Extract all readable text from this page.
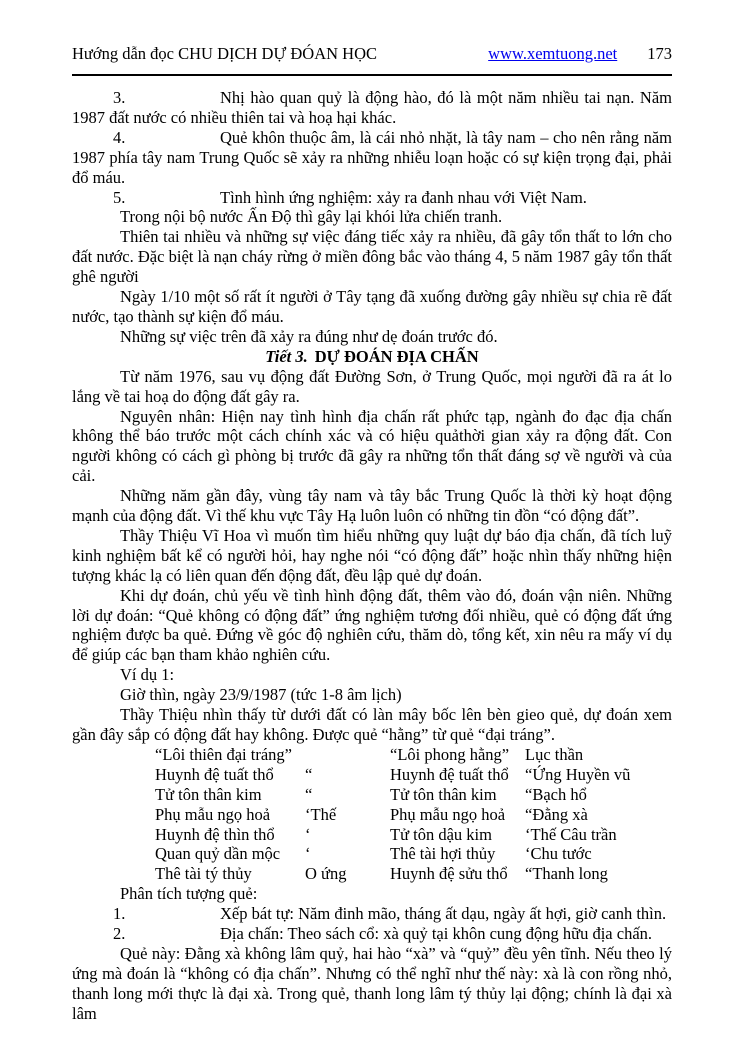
Hướng dẫn đọc CHU DỊCH DỰ ĐÓAN HỌC	www.xemtuong.net 173

3.	Nhị hào quan quỷ là động hào, đó là một năm nhiều tai nạn. Năm 1987 đất nước có nhiều thiên tai và hoạ hại khác.

4.	Quẻ khôn thuộc âm, là cái nhỏ nhặt, là tây nam – cho nên rằng năm 1987 phía tây nam Trung Quốc sẽ xảy ra những nhiễu loạn hoặc có sự kiện trọng đại, phải đổ máu.

5.	Tình hình ứng nghiệm: xảy ra đanh nhau với Việt Nam.

Trong nội bộ nước Ấn Độ thì gây lại khói lửa chiến tranh.

Thiên tai nhiều và những sự việc đáng tiếc xảy ra nhiều, đã gây tổn thất to lớn cho đất nước. Đặc biệt là nạn cháy rừng ở miền đông bắc vào tháng 4, 5 năm 1987 gây tổn thất ghê người

Ngày 1/10 một số rất ít người ở Tây tạng đã xuống đường gây nhiều sự chia rẽ đất nước, tạo thành sự kiện đổ máu.

Những sự việc trên đã xảy ra đúng như dẹ đoán trước đó.

Tiết 3. DỰ ĐOÁN ĐỊA CHẤN

Từ năm 1976, sau vụ động đất Đường Sơn, ở Trung Quốc, mọi người đã ra át lo lắng về tai hoạ do động đất gây ra.

Nguyên nhân: Hiện nay tình hình địa chấn rất phức tạp, ngành đo đạc địa chấn không thể báo trước một cách chính xác và có hiệu quảthời gian xảy ra động đất. Con người không có cách gì phòng bị trước đã gây ra những tổn thất đáng sợ về người và của cải.

Những năm gần đây, vùng tây nam và tây bắc Trung Quốc là thời kỳ hoạt động mạnh của động đất. Vì thế khu vực Tây Hạ luôn luôn có những tin đồn “có động đất”.

Thầy Thiệu Vĩ Hoa vì muốn tìm hiểu những quy luật dự báo địa chấn, đã tích luỹ kinh nghiệm bất kể có người hỏi, hay nghe nói “có động đất” hoặc nhìn thấy những hiện tượng khác lạ có liên quan đến động đất, đều lập quẻ dự đoán.

Khi dự đoán, chủ yếu về tình hình động đất, thêm vào đó, đoán vận niên. Những lời dự đoán: “Quẻ không có động đất” ứng nghiệm tương đối nhiều, quẻ có động đất ứng nghiệm được ba quẻ. Đứng về góc độ nghiên cứu, thăm dò, tổng kết, xin nêu ra mấy ví dụ để giúp các bạn tham khảo nghiên cứu.

Ví dụ 1:

Giờ thìn, ngày 23/9/1987 (tức 1-8 âm lịch)

Thầy Thiệu nhìn thấy từ dưới đất có làn mây bốc lên bèn gieo quẻ, dự đoán xem gần đây sắp có động đất hay không. Được quẻ “hằng” từ quẻ “đại tráng”.

“Lôi thiên đại tráng”	“Lôi phong hằng” Lục thần
Huynh đệ tuất thổ	“	Huynh đệ tuất thổ “Ứng Huyền vũ
Tử tôn thân kim	“	Tử tôn thân kim	“Bạch hổ
Phụ mẫu ngọ hoả	‘Thế	Phụ mẫu ngọ hoả	“Đằng xà
Huynh đệ thìn thổ	‘	Tử tôn dậu kim	‘Thế Câu trần
Quan quỷ dần mộc	‘	Thê tài hợi thủy	‘Chu tước
Thê tài tý thủy	O ứng	Huynh đệ sửu thổ	“Thanh long

Phân tích tượng quẻ:

1.	Xếp bát tự: Năm đinh mão, tháng ất dạu, ngày ất hợi, giờ canh thìn.

2.	Địa chấn: Theo sách cổ: xà quỷ tại khôn cung động hữu địa chấn.

Quẻ này: Đằng xà không lâm quỷ, hai hào “xà” và “quỷ” đều yên tĩnh. Nếu theo lý ứng mà đoán là “không có địa chấn”. Nhưng có thể nghĩ như thế này: xà là con rồng nhỏ, thanh long mới thực là đại xà. Trong quẻ, thanh long lâm tý thủy lại động; chính là đại xà lâm
